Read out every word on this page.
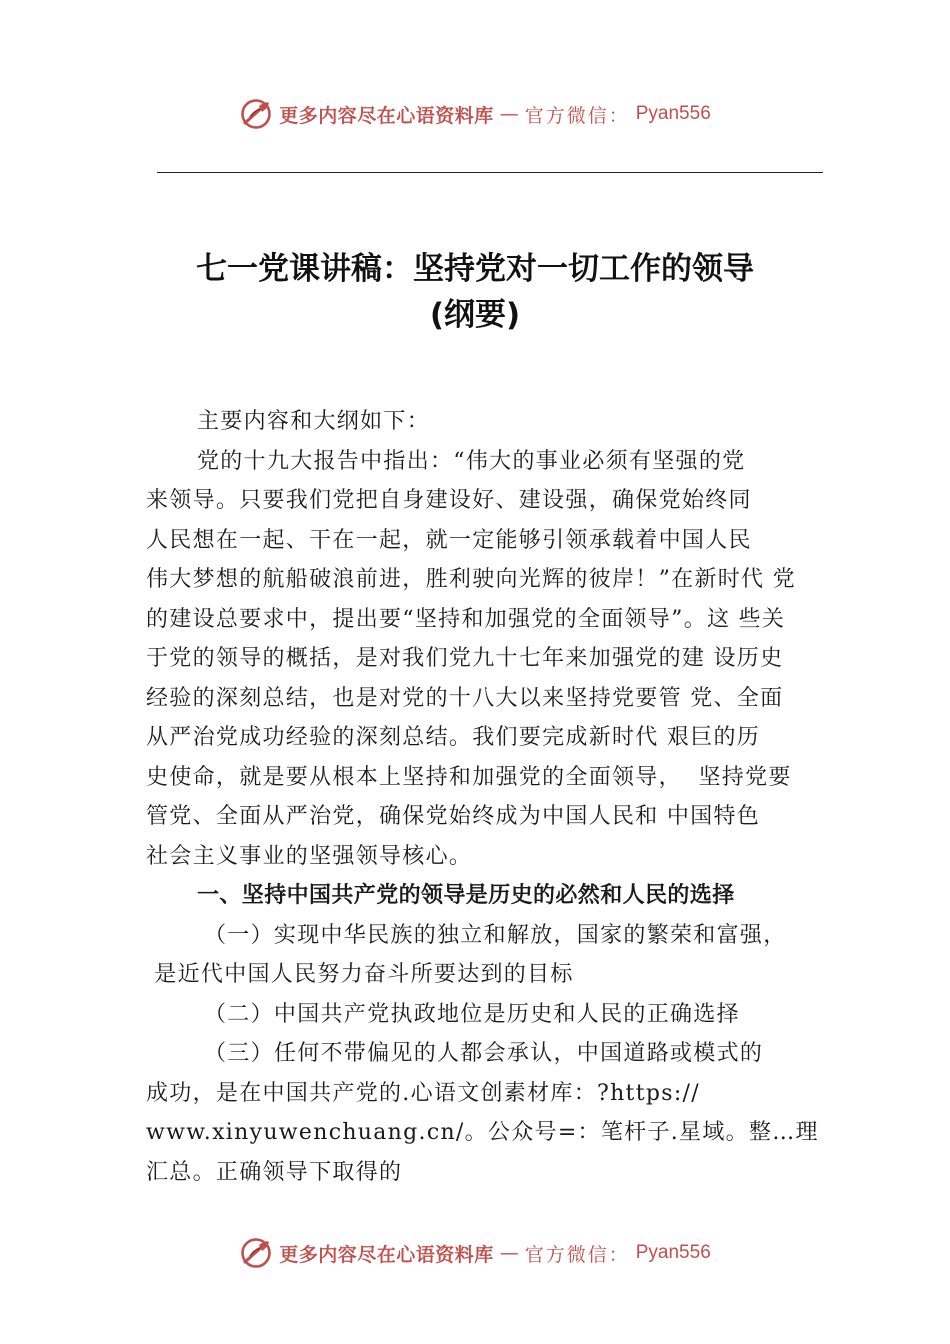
更多内容尽在心语资料库 — 官方微信： Pyan556
七一党课讲稿：坚持党对一切工作的领导
(纲要)
主要内容和大纲如下：
党的十九大报告中指出：“伟大的事业必须有坚强的党
来领导。只要我们党把自身建设好、建设强，确保党始终同
人民想在一起、干在一起，就一定能够引领承载着中国人民
伟大梦想的航船破浪前进，胜利驶向光辉的彼岸！”在新时代 党
的建设总要求中，提出要“坚持和加强党的全面领导”。这 些关
于党的领导的概括，是对我们党九十七年来加强党的建 设历史
经验的深刻总结，也是对党的十八大以来坚持党要管 党、全面
从严治党成功经验的深刻总结。我们要完成新时代 艰巨的历
史使命，就是要从根本上坚持和加强党的全面领导，  坚持党要
管党、全面从严治党，确保党始终成为中国人民和 中国特色
社会主义事业的坚强领导核心。
一、坚持中国共产党的领导是历史的必然和人民的选择
（一）实现中华民族的独立和解放，国家的繁荣和富强，
是近代中国人民努力奋斗所要达到的目标
（二）中国共产党执政地位是历史和人民的正确选择
（三）任何不带偏见的人都会承认，中国道路或模式的
成功，是在中国共产党的.心语文创素材库：?https://
www.xinyuwenchuang.cn/。公众号=：笔杆子.星域。整…理
汇总。正确领导下取得的
更多内容尽在心语资料库 — 官方微信： Pyan556
